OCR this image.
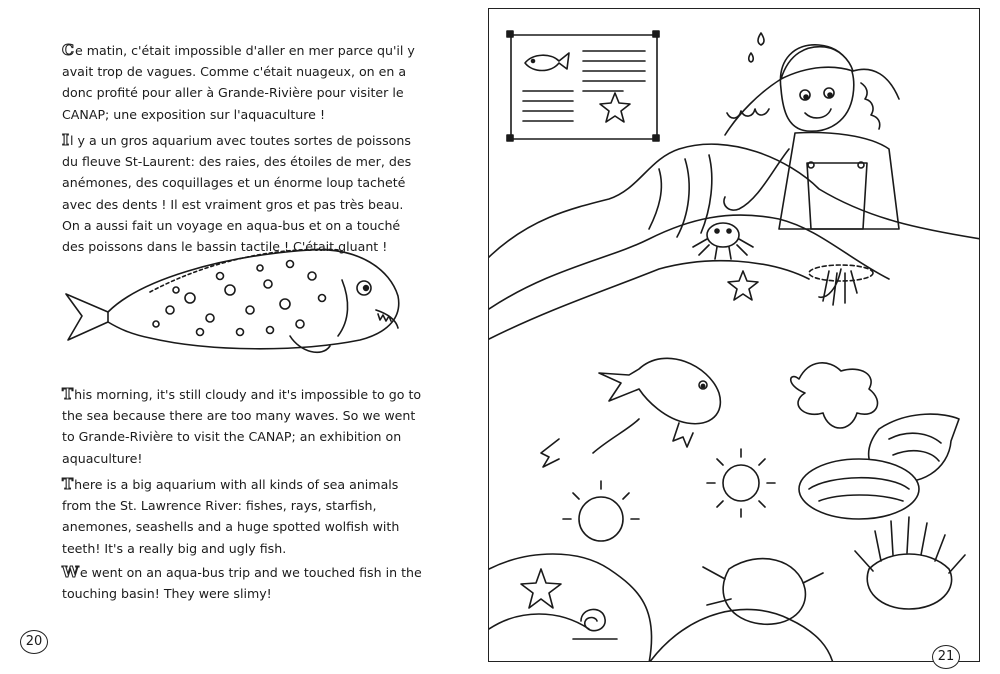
Ce matin, c'était impossible d'aller en mer parce qu'il y avait trop de vagues. Comme c'était nuageux, on en a donc profité pour aller à Grande-Rivière pour visiter le CANAP; une exposition sur l'aquaculture !

Il y a un gros aquarium avec toutes sortes de poissons du fleuve St-Laurent: des raies, des étoiles de mer, des anémones, des coquillages et un énorme loup tacheté avec des dents ! Il est vraiment gros et pas très beau. On a aussi fait un voyage en aqua-bus et on a touché des poissons dans le bassin tactile ! C'était gluant !

This morning, it's still cloudy and it's impossible to go to the sea because there are too many waves. So we went to Grande-Rivière to visit the CANAP; an exhibition on aquaculture!

There is a big aquarium with all kinds of sea animals from the St. Lawrence River: fishes, rays, starfish, anemones, seashells and a huge spotted wolfish with teeth! It's a really big and ugly fish.

We went on an aqua-bus trip and we touched fish in the touching basin! They were slimy!

20
21
